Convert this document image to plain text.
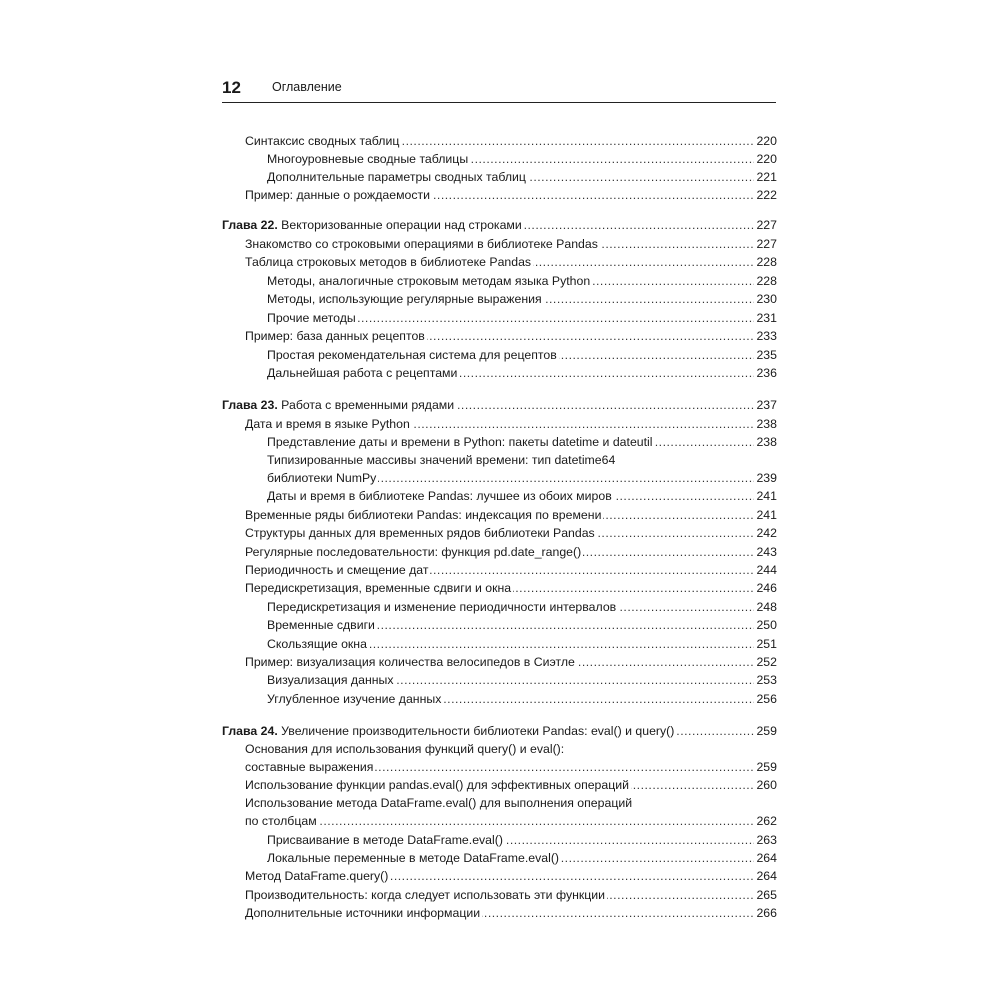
12 Оглавление
.....
Синтаксис сводных таблиц	220
.....
Многоуровневые сводные таблицы	220
.....
Дополнительные параметры сводных таблиц	221
.....
Пример: данные о рождаемости	222
.....
Глава 22. Векторизованные операции над строками	227
.....
Знакомство со строковыми операциями в библиотеке Pandas	227
.....
Таблица строковых методов в библиотеке Pandas	228
.....
Методы, аналогичные строковым методам языка Python	228
.....
Методы, использующие регулярные выражения	230
.....
Прочие методы	231
.....
Пример: база данных рецептов	233
.....
Простая рекомендательная система для рецептов	235
.....
Дальнейшая работа с рецептами	236
.....
Глава 23. Работа с временными рядами	237
.....
Дата и время в языке Python	238
.....
Представление даты и времени в Python: пакеты datetime и dateutil	238
Типизированные массивы значений времени: тип datetime64
.....
библиотеки NumPy	239
.....
Даты и время в библиотеке Pandas: лучшее из обоих миров	241
.....
Временные ряды библиотеки Pandas: индексация по времени	241
.....
Структуры данных для временных рядов библиотеки Pandas	242
.....
Регулярные последовательности: функция pd.date_range()	243
.....
Периодичность и смещение дат	244
.....
Передискретизация, временные сдвиги и окна	246
.....
Передискретизация и изменение периодичности интервалов	248
.....
Временные сдвиги	250
.....
Скользящие окна	251
.....
Пример: визуализация количества велосипедов в Сиэтле	252
.....
Визуализация данных	253
.....
Углубленное изучение данных	256
.....
Глава 24. Увеличение производительности библиотеки Pandas: eval() и query()	259
Основания для использования функций query() и eval():
.....
составные выражения	259
.....
Использование функции pandas.eval() для эффективных операций	260
Использование метода DataFrame.eval() для выполнения операций
.....
по столбцам	262
.....
Присваивание в методе DataFrame.eval()	263
.....
Локальные переменные в методе DataFrame.eval()	264
.....
Метод DataFrame.query()	264
.....
Производительность: когда следует использовать эти функции	265
.....
Дополнительные источники информации	266
